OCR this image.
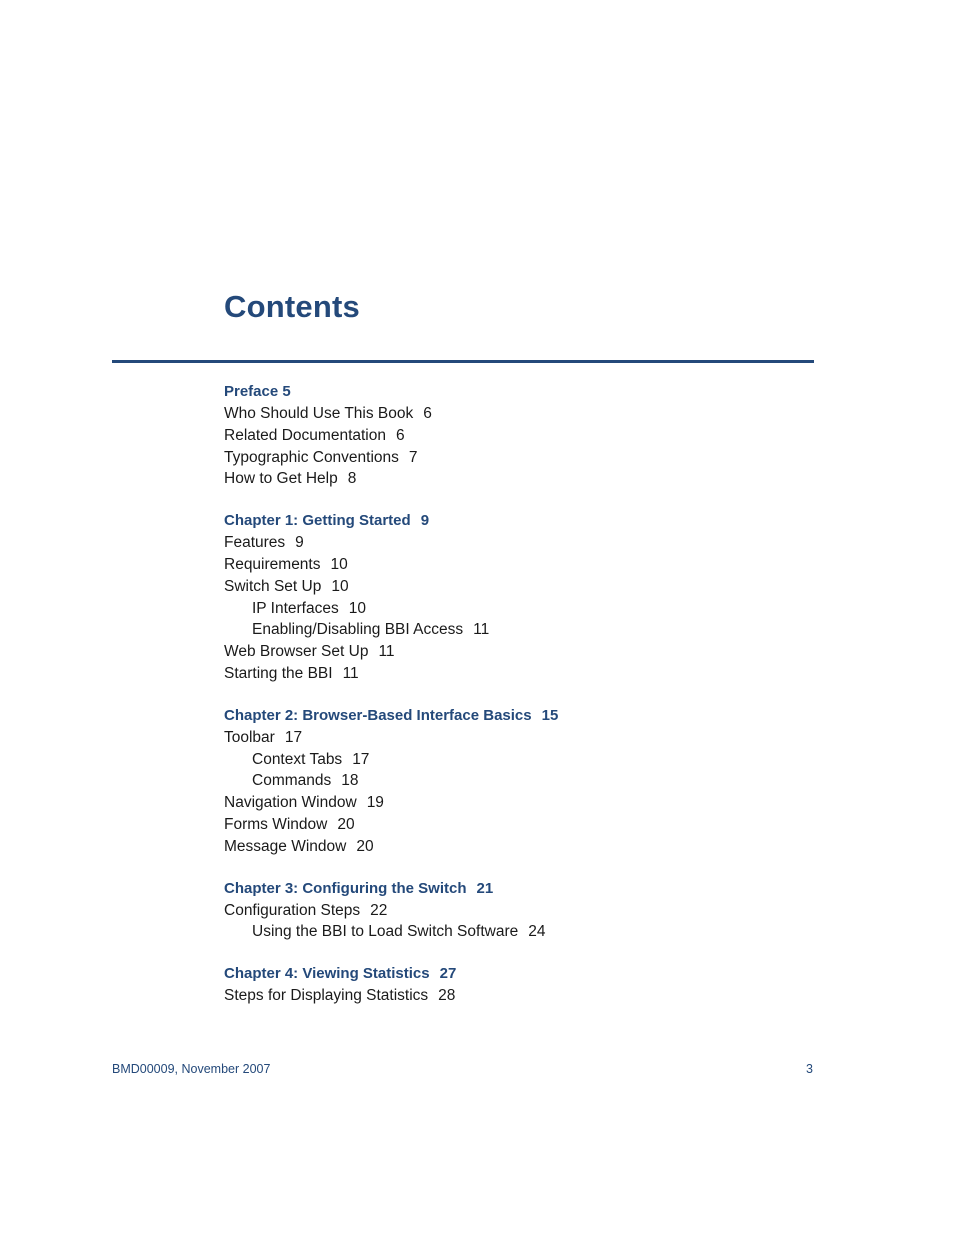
Contents
Preface 5
Who Should Use This Book 6
Related Documentation 6
Typographic Conventions 7
How to Get Help 8
Chapter 1: Getting Started 9
Features 9
Requirements 10
Switch Set Up 10
IP Interfaces 10
Enabling/Disabling BBI Access 11
Web Browser Set Up 11
Starting the BBI 11
Chapter 2: Browser-Based Interface Basics 15
Toolbar 17
Context Tabs 17
Commands 18
Navigation Window 19
Forms Window 20
Message Window 20
Chapter 3: Configuring the Switch 21
Configuration Steps 22
Using the BBI to Load Switch Software 24
Chapter 4: Viewing Statistics 27
Steps for Displaying Statistics 28
BMD00009, November 2007	3
